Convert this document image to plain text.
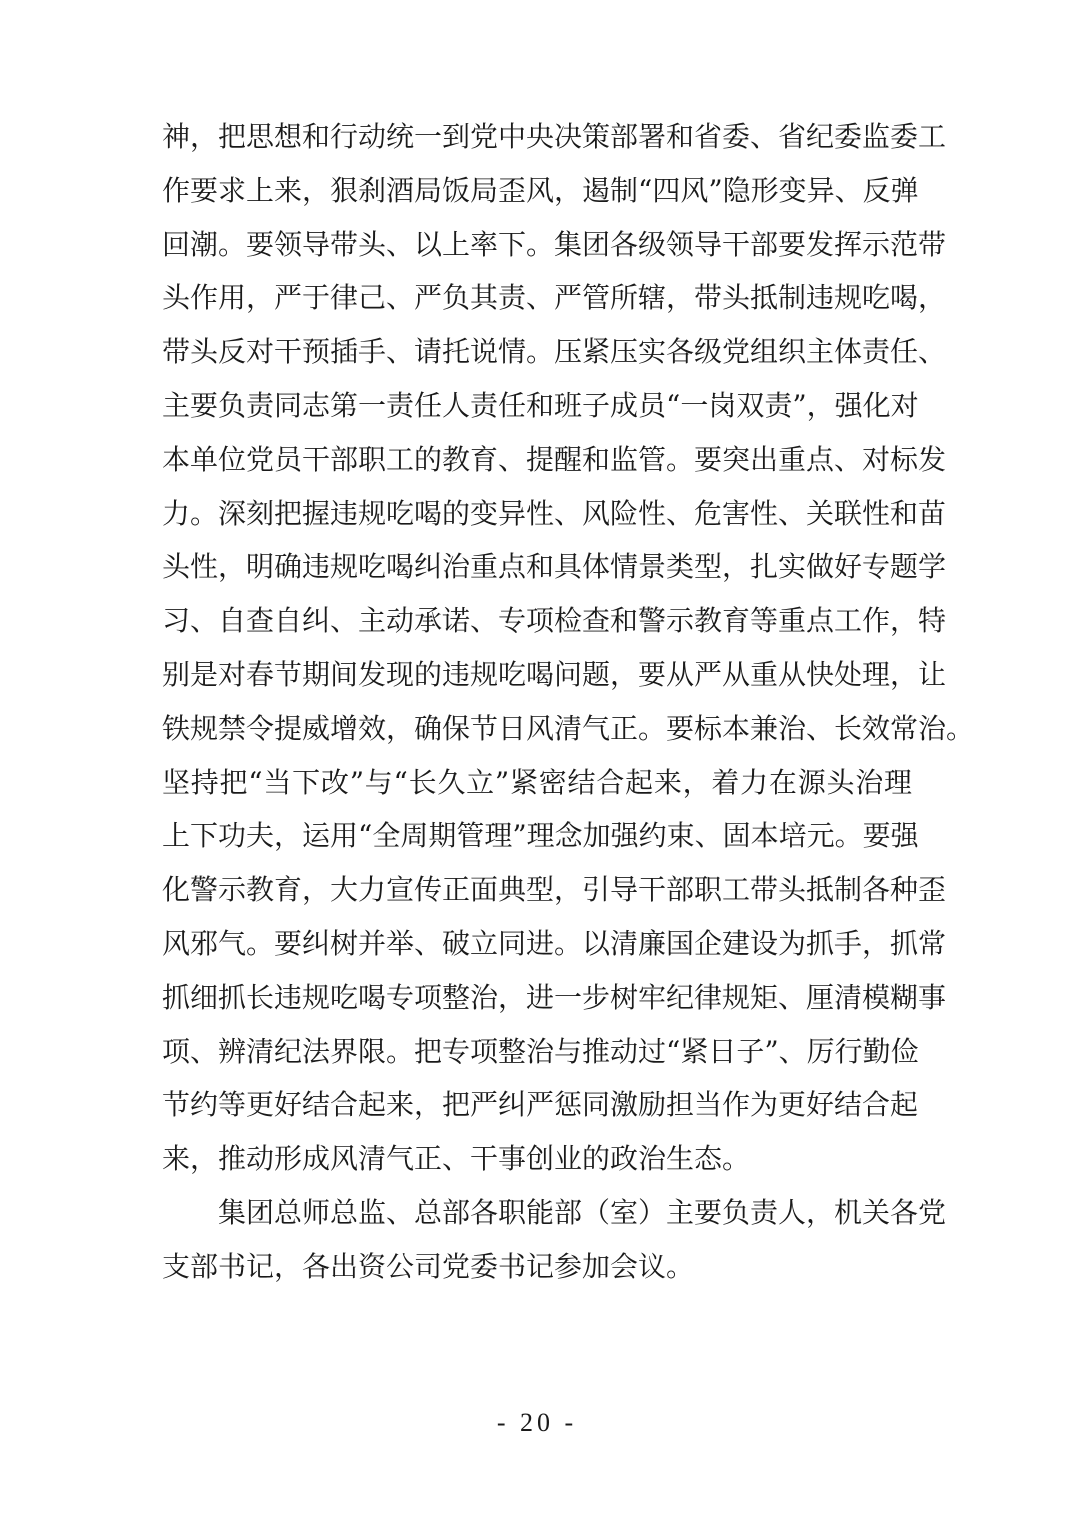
神，把思想和行动统一到党中央决策部署和省委、省纪委监委工
作要求上来，狠刹酒局饭局歪风，遏制“四风”隐形变异、反弹
回潮。要领导带头、以上率下。集团各级领导干部要发挥示范带
头作用，严于律己、严负其责、严管所辖，带头抵制违规吃喝，
带头反对干预插手、请托说情。压紧压实各级党组织主体责任、
主要负责同志第一责任人责任和班子成员“一岗双责”，强化对
本单位党员干部职工的教育、提醒和监管。要突出重点、对标发
力。深刻把握违规吃喝的变异性、风险性、危害性、关联性和苗
头性，明确违规吃喝纠治重点和具体情景类型，扎实做好专题学
习、自查自纠、主动承诺、专项检查和警示教育等重点工作，特
别是对春节期间发现的违规吃喝问题，要从严从重从快处理，让
铁规禁令提威增效，确保节日风清气正。要标本兼治、长效常治。
坚持把“当下改”与“长久立”紧密结合起来，着力在源头治理
上下功夫，运用“全周期管理”理念加强约束、固本培元。要强
化警示教育，大力宣传正面典型，引导干部职工带头抵制各种歪
风邪气。要纠树并举、破立同进。以清廉国企建设为抓手，抓常
抓细抓长违规吃喝专项整治，进一步树牢纪律规矩、厘清模糊事
项、辨清纪法界限。把专项整治与推动过“紧日子”、厉行勤俭
节约等更好结合起来，把严纠严惩同激励担当作为更好结合起
来，推动形成风清气正、干事创业的政治生态。
集团总师总监、总部各职能部（室）主要负责人，机关各党
支部书记，各出资公司党委书记参加会议。
- 20 -
